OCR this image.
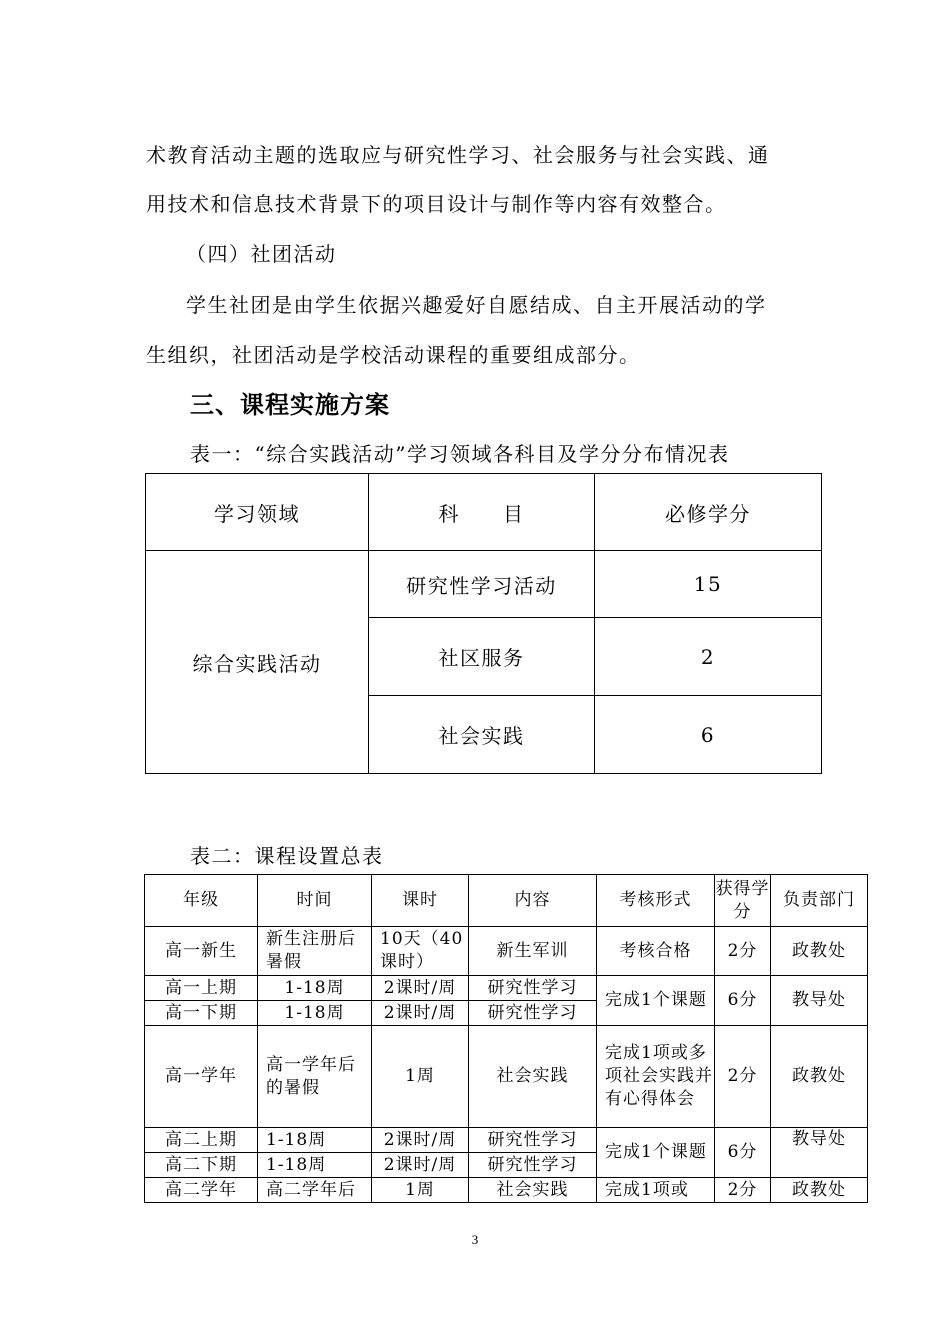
术教育活动主题的选取应与研究性学习、社会服务与社会实践、通
用技术和信息技术背景下的项目设计与制作等内容有效整合。
（四）社团活动
学生社团是由学生依据兴趣爱好自愿结成、自主开展活动的学
生组织，社团活动是学校活动课程的重要组成部分。
三、课程实施方案
表一：“综合实践活动”学习领域各科目及学分分布情况表
学习领域	科　　目	必修学分
综合实践活动	研究性学习活动	15
	社区服务	2
	社会实践	6
表二：课程设置总表
年级	时间	课时	内容	考核形式	获得学分	负责部门
高一新生	新生注册后暑假	10天（40课时）	新生军训	考核合格	2分	政教处
高一上期	1-18周	2课时/周	研究性学习	完成1个课题	6分	教导处
高一下期	1-18周	2课时/周	研究性学习			
高一学年	高一学年后的暑假	1周	社会实践	完成1项或多项社会实践并有心得体会	2分	政教处
高二上期	1-18周	2课时/周	研究性学习	完成1个课题	6分	教导处
高二下期	1-18周	2课时/周	研究性学习			
高二学年	高二学年后	1周	社会实践	完成1项或	2分	政教处
3
